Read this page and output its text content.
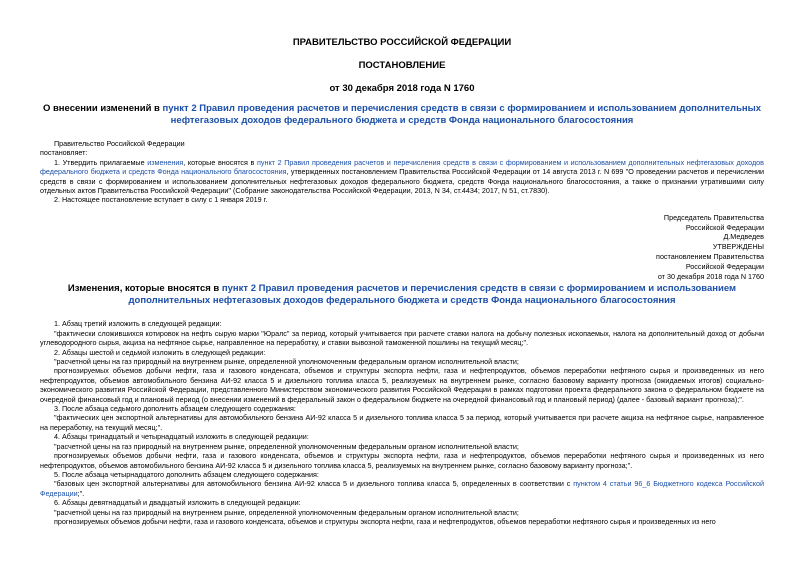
ПРАВИТЕЛЬСТВО РОССИЙСКОЙ ФЕДЕРАЦИИ
ПОСТАНОВЛЕНИЕ
от 30 декабря 2018 года N 1760
О внесении изменений в пункт 2 Правил проведения расчетов и перечисления средств в связи с формированием и использованием дополнительных нефтегазовых доходов федерального бюджета и средств Фонда национального благосостояния

Правительство Российской Федерации

постановляет:

1. Утвердить прилагаемые изменения, которые вносятся в пункт 2 Правил проведения расчетов и перечисления средств в связи с формированием и использованием дополнительных нефтегазовых доходов федерального бюджета и средств Фонда национального благосостояния, утвержденных постановлением Правительства Российской Федерации от 14 августа 2013 г. N 699 "О проведении расчетов и перечислении средств в связи с формированием и использованием дополнительных нефтегазовых доходов федерального бюджета, средств Фонда национального благосостояния, а также о признании утратившими силу отдельных актов Правительства Российской Федерации" (Собрание законодательства Российской Федерации, 2013, N 34, ст.4434; 2017, N 51, ст.7830).

2. Настоящее постановление вступает в силу с 1 января 2019 г.

Председатель Правительства
Российской Федерации
Д.Медведев
УТВЕРЖДЕНЫ
постановлением Правительства
Российской Федерации
от 30 декабря 2018 года N 1760
Изменения, которые вносятся в пункт 2 Правил проведения расчетов и перечисления средств в связи с формированием и использованием дополнительных нефтегазовых доходов федерального бюджета и средств Фонда национального благосостояния

1. Абзац третий изложить в следующей редакции:

"фактически сложившихся котировок на нефть сырую марки "Юралс" за период, который учитывается при расчете ставки налога на добычу полезных ископаемых, налога на дополнительный доход от добычи углеводородного сырья, акциза на нефтяное сырье, направленное на переработку, и ставки вывозной таможенной пошлины на текущий месяц;".

2. Абзацы шестой и седьмой изложить в следующей редакции:

"расчетной цены на газ природный на внутреннем рынке, определенной уполномоченным федеральным органом исполнительной власти;

прогнозируемых объемов добычи нефти, газа и газового конденсата, объемов и структуры экспорта нефти, газа и нефтепродуктов, объемов переработки нефтяного сырья и произведенных из него нефтепродуктов, объемов автомобильного бензина АИ-92 класса 5 и дизельного топлива класса 5, реализуемых на внутреннем рынке, согласно базовому варианту прогноза (ожидаемых итогов) социально-экономического развития Российской Федерации, представленного Министерством экономического развития Российской Федерации в рамках подготовки проекта федерального закона о федеральном бюджете на очередной финансовый год и плановый период (о внесении изменений в федеральный закон о федеральном бюджете на очередной финансовый год и плановый период) (далее - базовый вариант прогноза);".

3. После абзаца седьмого дополнить абзацем следующего содержания:

"фактических цен экспортной альтернативы для автомобильного бензина АИ-92 класса 5 и дизельного топлива класса 5 за период, который учитывается при расчете акциза на нефтяное сырье, направленное на переработку, на текущий месяц;".

4. Абзацы тринадцатый и четырнадцатый изложить в следующей редакции:

"расчетной цены на газ природный на внутреннем рынке, определенной уполномоченным федеральным органом исполнительной власти;

прогнозируемых объемов добычи нефти, газа и газового конденсата, объемов и структуры экспорта нефти, газа и нефтепродуктов, объемов переработки нефтяного сырья и произведенных из него нефтепродуктов, объемов автомобильного бензина АИ-92 класса 5 и дизельного топлива класса 5, реализуемых на внутреннем рынке, согласно базовому варианту прогноза;".

5. После абзаца четырнадцатого дополнить абзацем следующего содержания:

"базовых цен экспортной альтернативы для автомобильного бензина АИ-92 класса 5 и дизельного топлива класса 5, определенных в соответствии с пунктом 4 статьи 96_6 Бюджетного кодекса Российской Федерации;".

6. Абзацы девятнадцатый и двадцатый изложить в следующей редакции:

"расчетной цены на газ природный на внутреннем рынке, определенной уполномоченным федеральным органом исполнительной власти;

прогнозируемых объемов добычи нефти, газа и газового конденсата, объемов и структуры экспорта нефти, газа и нефтепродуктов, объемов переработки нефтяного сырья и произведенных из него
